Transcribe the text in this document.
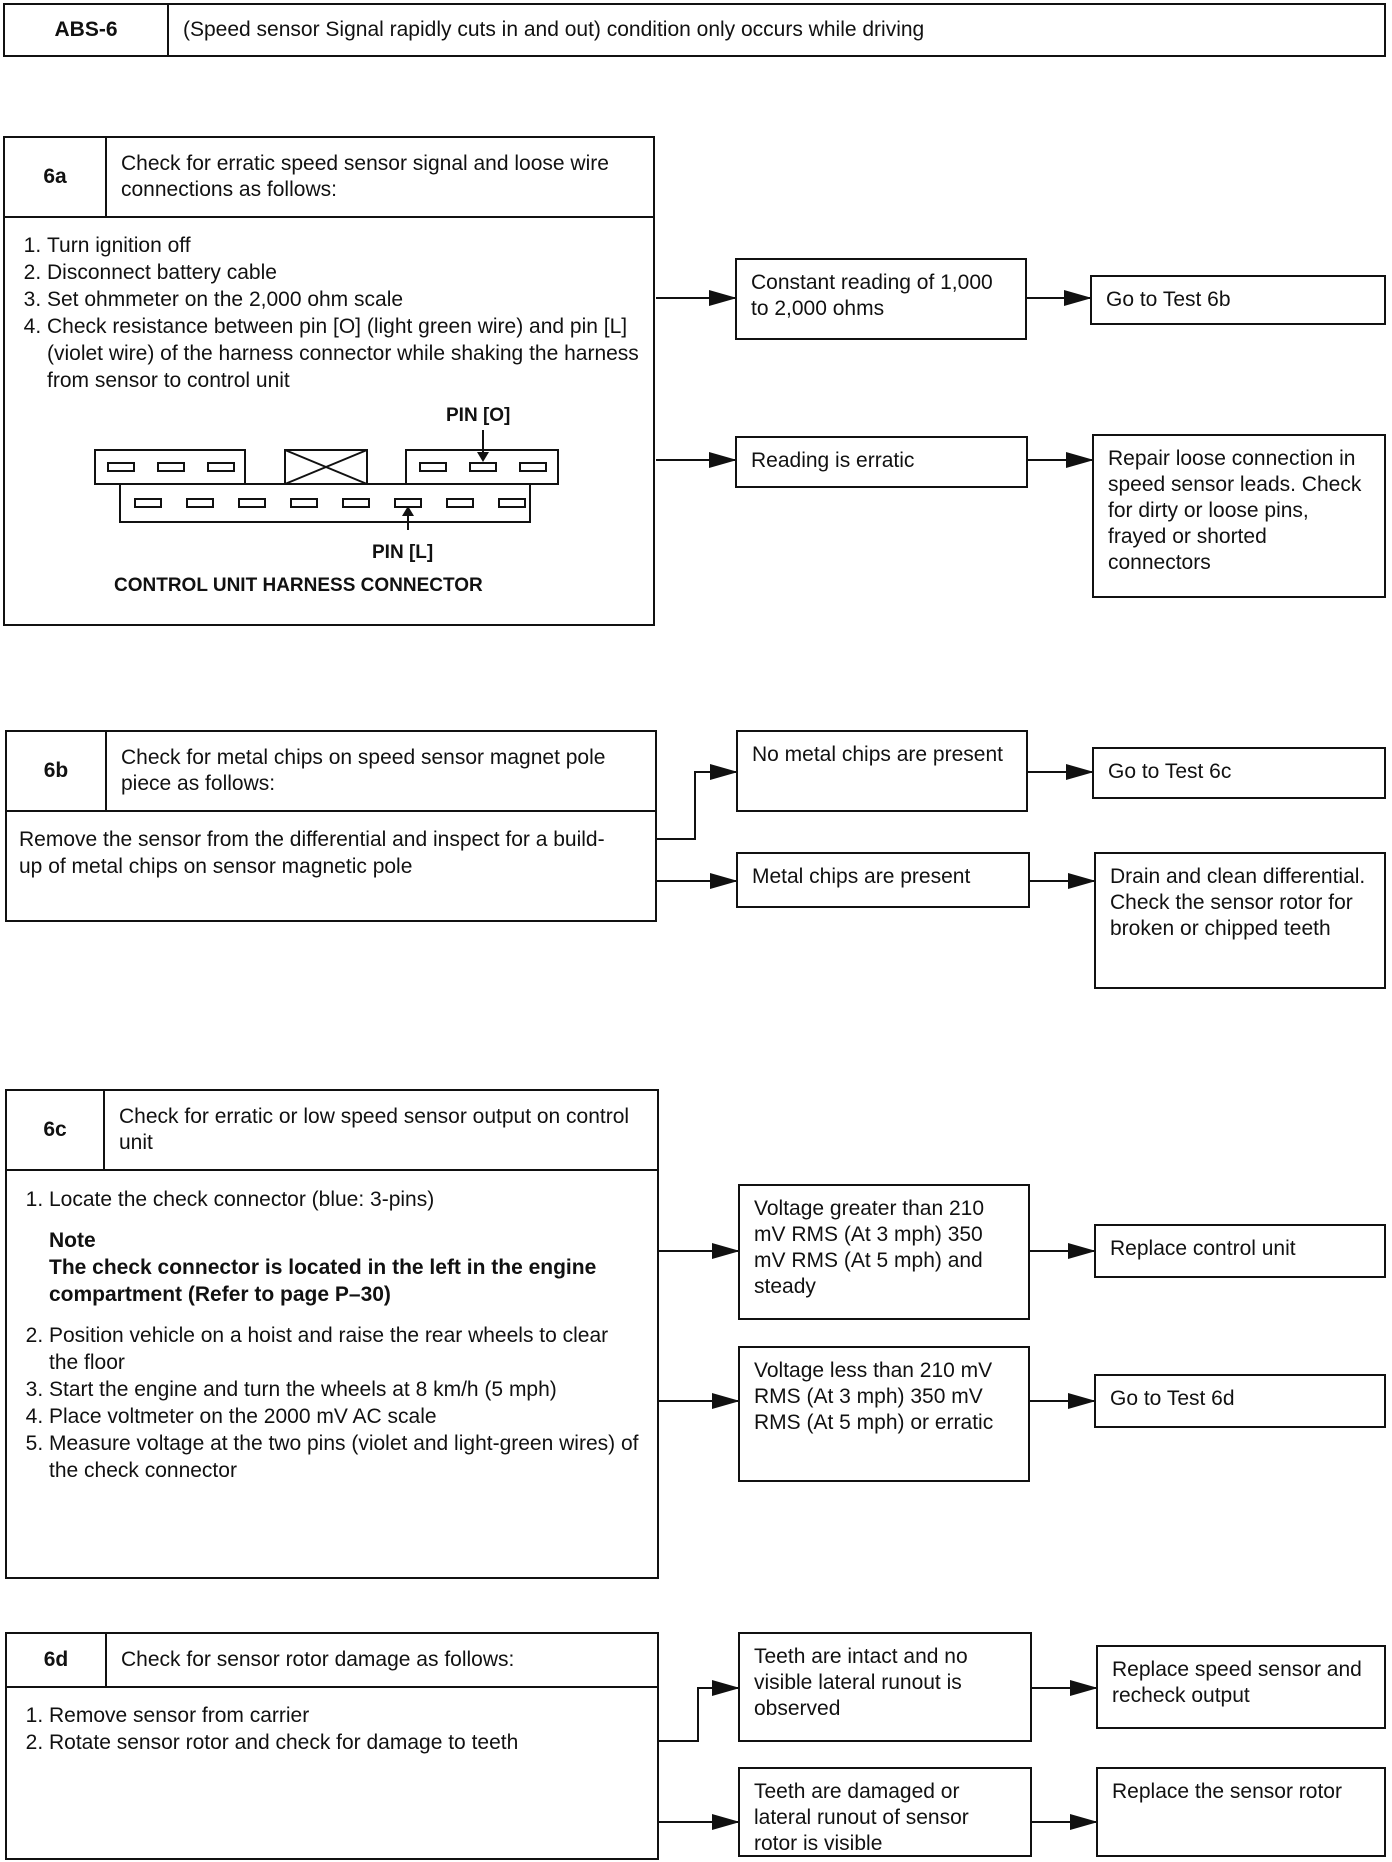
ABS-6	(Speed sensor Signal rapidly cuts in and out) condition only occurs while driving
6a
Check for erratic speed sensor signal and loose wire connections as follows:
1. Turn ignition off
2. Disconnect battery cable
3. Set ohmmeter on the 2,000 ohm scale
4. Check resistance between pin [O] (light green wire) and pin [L] (violet wire) of the harness connector while shaking the harness from sensor to control unit
PIN [O]
PIN [L]
CONTROL UNIT HARNESS CONNECTOR
Constant reading of 1,000 to 2,000 ohms	Go to Test 6b
Reading is erratic	Repair loose connection in speed sensor leads. Check for dirty or loose pins, frayed or shorted connectors
6b
Check for metal chips on speed sensor magnet pole piece as follows:
Remove the sensor from the differential and inspect for a build-up of metal chips on sensor magnetic pole
No metal chips are present
Go to Test 6c
Metal chips are present	Drain and clean differential. Check the sensor rotor for broken or chipped teeth
6c
Check for erratic or low speed sensor output on control unit
1. Locate the check connector (blue: 3-pins)
Note
The check connector is located in the left in the engine compartment (Refer to page P–30)
2. Position vehicle on a hoist and raise the rear wheels to clear the floor
3. Start the engine and turn the wheels at 8 km/h (5 mph)
4. Place voltmeter on the 2000 mV AC scale
5. Measure voltage at the two pins (violet and light-green wires) of the check connector
Voltage greater than 210 mV RMS (At 3 mph) 350 mV RMS (At 5 mph) and steady
Replace control unit
Voltage less than 210 mV RMS (At 3 mph) 350 mV RMS (At 5 mph) or erratic
Go to Test 6d
6d	Check for sensor rotor damage as follows:
1. Remove sensor from carrier
2. Rotate sensor rotor and check for damage to teeth
Teeth are intact and no visible lateral runout is observed
Replace speed sensor and recheck output
Teeth are damaged or lateral runout of sensor rotor is visible
Replace the sensor rotor
